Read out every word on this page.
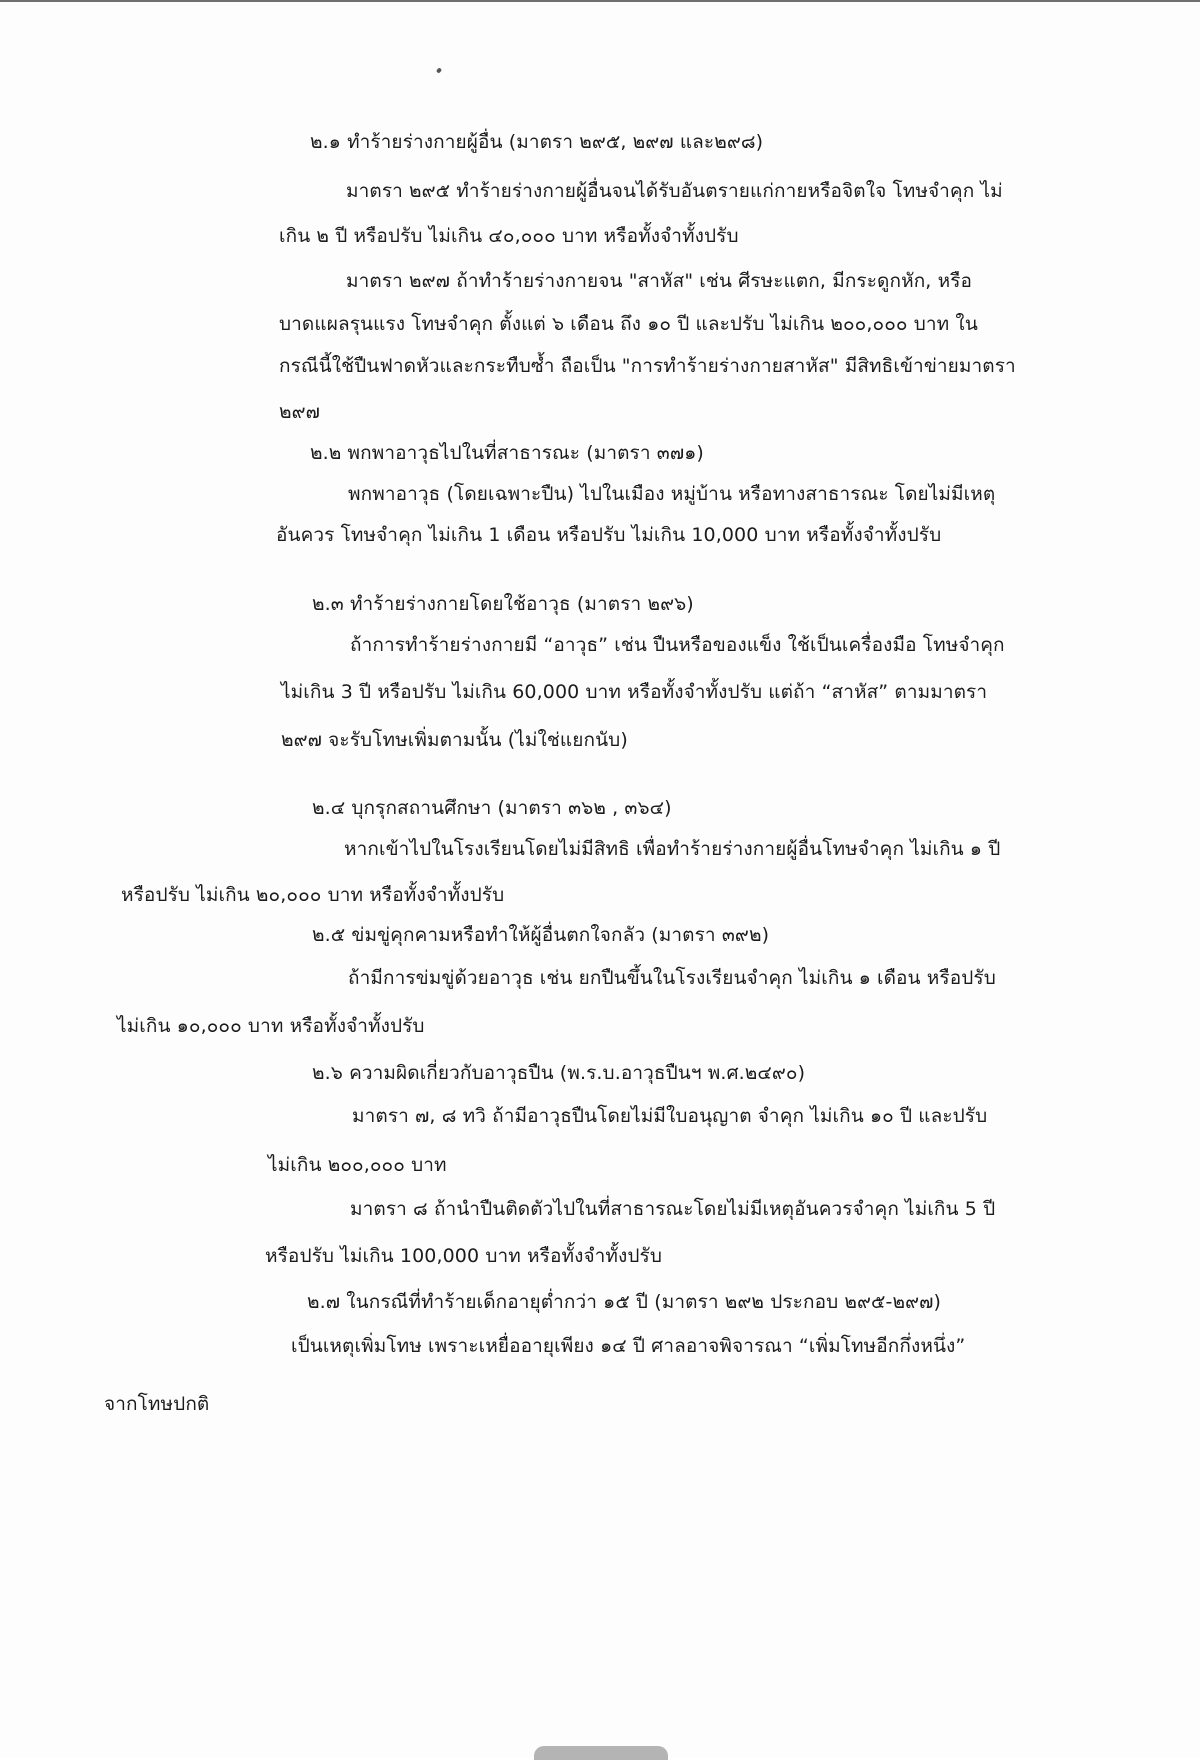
๒.๑ ทำร้ายร่างกายผู้อื่น (มาตรา ๒๙๕, ๒๙๗ และ๒๙๘)
มาตรา ๒๙๕ ทำร้ายร่างกายผู้อื่นจนได้รับอันตรายแก่กายหรือจิตใจ โทษจำคุก ไม่
เกิน ๒ ปี หรือปรับ ไม่เกิน ๔๐,๐๐๐ บาท หรือทั้งจำทั้งปรับ
มาตรา ๒๙๗ ถ้าทำร้ายร่างกายจน "สาหัส" เช่น ศีรษะแตก, มีกระดูกหัก, หรือ
บาดแผลรุนแรง โทษจำคุก ตั้งแต่ ๖ เดือน ถึง ๑๐ ปี และปรับ ไม่เกิน ๒๐๐,๐๐๐ บาท ใน
กรณีนี้ใช้ปืนฟาดหัวและกระทืบซ้ำ ถือเป็น "การทำร้ายร่างกายสาหัส" มีสิทธิเข้าข่ายมาตรา
๒๙๗
๒.๒ พกพาอาวุธไปในที่สาธารณะ (มาตรา ๓๗๑)
พกพาอาวุธ (โดยเฉพาะปืน) ไปในเมือง หมู่บ้าน หรือทางสาธารณะ โดยไม่มีเหตุ
อันควร โทษจำคุก ไม่เกิน 1 เดือน หรือปรับ ไม่เกิน 10,000 บาท หรือทั้งจำทั้งปรับ
๒.๓ ทำร้ายร่างกายโดยใช้อาวุธ (มาตรา ๒๙๖)
ถ้าการทำร้ายร่างกายมี “อาวุธ” เช่น ปืนหรือของแข็ง ใช้เป็นเครื่องมือ โทษจำคุก
ไม่เกิน 3 ปี หรือปรับ ไม่เกิน 60,000 บาท หรือทั้งจำทั้งปรับ แต่ถ้า “สาหัส” ตามมาตรา
๒๙๗ จะรับโทษเพิ่มตามนั้น (ไม่ใช่แยกนับ)
๒.๔ บุกรุกสถานศึกษา (มาตรา ๓๖๒ , ๓๖๔)
หากเข้าไปในโรงเรียนโดยไม่มีสิทธิ เพื่อทำร้ายร่างกายผู้อื่นโทษจำคุก ไม่เกิน ๑ ปี
หรือปรับ ไม่เกิน ๒๐,๐๐๐ บาท หรือทั้งจำทั้งปรับ
๒.๕ ข่มขู่คุกคามหรือทำให้ผู้อื่นตกใจกลัว (มาตรา ๓๙๒)
ถ้ามีการข่มขู่ด้วยอาวุธ เช่น ยกปืนขึ้นในโรงเรียนจำคุก ไม่เกิน ๑ เดือน หรือปรับ
ไม่เกิน ๑๐,๐๐๐ บาท หรือทั้งจำทั้งปรับ
๒.๖ ความผิดเกี่ยวกับอาวุธปืน (พ.ร.บ.อาวุธปืนฯ พ.ศ.๒๔๙๐)
มาตรา ๗, ๘ ทวิ ถ้ามีอาวุธปืนโดยไม่มีใบอนุญาต จำคุก ไม่เกิน ๑๐ ปี และปรับ
ไม่เกิน ๒๐๐,๐๐๐ บาท
มาตรา ๘ ถ้านำปืนติดตัวไปในที่สาธารณะโดยไม่มีเหตุอันควรจำคุก ไม่เกิน 5 ปี
หรือปรับ ไม่เกิน 100,000 บาท หรือทั้งจำทั้งปรับ
๒.๗ ในกรณีที่ทำร้ายเด็กอายุต่ำกว่า ๑๕ ปี (มาตรา ๒๙๒ ประกอบ ๒๙๕-๒๙๗)
เป็นเหตุเพิ่มโทษ เพราะเหยื่ออายุเพียง ๑๔ ปี ศาลอาจพิจารณา “เพิ่มโทษอีกกึ่งหนึ่ง”
จากโทษปกติ
